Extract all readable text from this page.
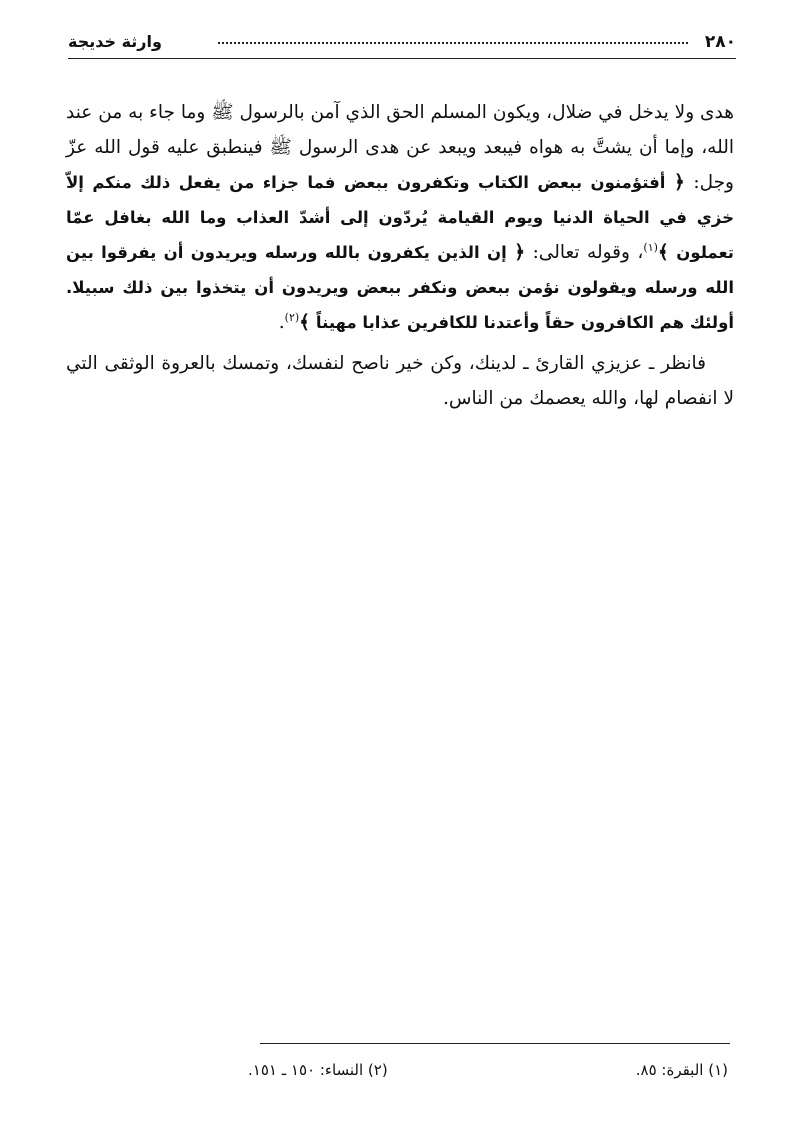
٢٨٠
وارثة خديجة

هدى ولا يدخل في ضلال، ويكون المسلم الحق الذي آمن بالرسول ﷺ وما جاء به من عند الله، وإما أن يشتَّ به هواه فيبعد ويبعد عن هدى الرسول ﷺ فينطبق عليه قول الله عزّ وجل: ﴿ أفتؤمنون ببعض الكتاب وتكفرون ببعض فما جزاء من يفعل ذلك منكم إلاّ خزي في الحياة الدنيا ويوم القيامة يُردّون إلى أشدّ العذاب وما الله بغافل عمّا تعملون ﴾$^{(١)}$، وقوله تعالى: ﴿ إن الذين يكفرون بالله ورسله ويريدون أن يفرقوا بين الله ورسله ويقولون نؤمن ببعض ونكفر ببعض ويريدون أن يتخذوا بين ذلك سبيلا. أولئك هم الكافرون حقاً وأعتدنا للكافرين عذابا مهيناً ﴾$^{(٢)}$.

فانظر ـ عزيزي القارئ ـ لدينك، وكن خير ناصح لنفسك، وتمسك بالعروة الوثقى التي لا انفصام لها، والله يعصمك من الناس.

(١) البقرة: ٨٥.
(٢) النساء: ١٥٠ ـ ١٥١.
